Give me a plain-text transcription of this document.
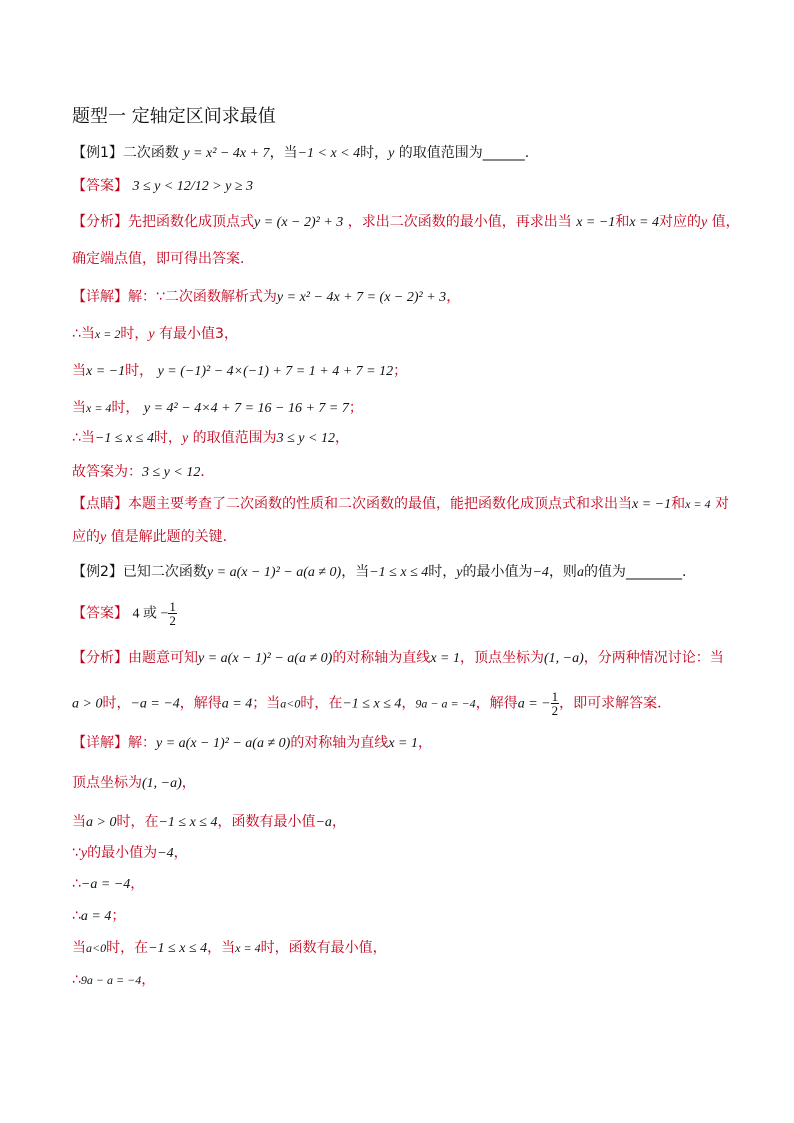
题型一 定轴定区间求最值
【例1】二次函数 y = x² − 4x + 7，当−1 < x < 4时，y 的取值范围为______.
【答案】 3 ≤ y < 12/12 > y ≥ 3
【分析】先把函数化成顶点式y = (x − 2)² + 3 ，求出二次函数的最小值，再求出当 x = −1和x = 4对应的y 值，
确定端点值，即可得出答案．
【详解】解：∵二次函数解析式为y = x² − 4x + 7 = (x − 2)² + 3，
∴当x = 2时，y 有最小值3，
当x = −1时， y = (−1)² − 4×(−1) + 7 = 1 + 4 + 7 = 12；
当x = 4时， y = 4² − 4×4 + 7 = 16 − 16 + 7 = 7；
∴当−1 ≤ x ≤ 4时，y 的取值范围为3 ≤ y < 12，
故答案为：3 ≤ y < 12．
【点睛】本题主要考查了二次函数的性质和二次函数的最值，能把函数化成顶点式和求出当x = −1和x = 4 对
应的y 值是解此题的关键．
【例2】已知二次函数y = a(x − 1)² − a(a ≠ 0)，当−1 ≤ x ≤ 4时，y的最小值为−4，则a的值为________.
【答案】 4 或 − $\frac{1}{2}$
【分析】由题意可知y = a(x − 1)² − a(a ≠ 0)的对称轴为直线x = 1，顶点坐标为(1, −a)，分两种情况讨论：当
a > 0时，−a = −4，解得a = 4；当a<0时，在−1 ≤ x ≤ 4，9a − a = −4，解得a = − $\frac{1}{2}$ ，即可求解答案．
【详解】解：y = a(x − 1)² − a(a ≠ 0)的对称轴为直线x = 1，
顶点坐标为(1, −a)，
当a > 0时，在−1 ≤ x ≤ 4，函数有最小值−a，
∵y的最小值为−4，
∴−a = −4，
∴a = 4；
当a<0时，在−1 ≤ x ≤ 4，当x = 4时，函数有最小值，
∴9a − a = −4，
